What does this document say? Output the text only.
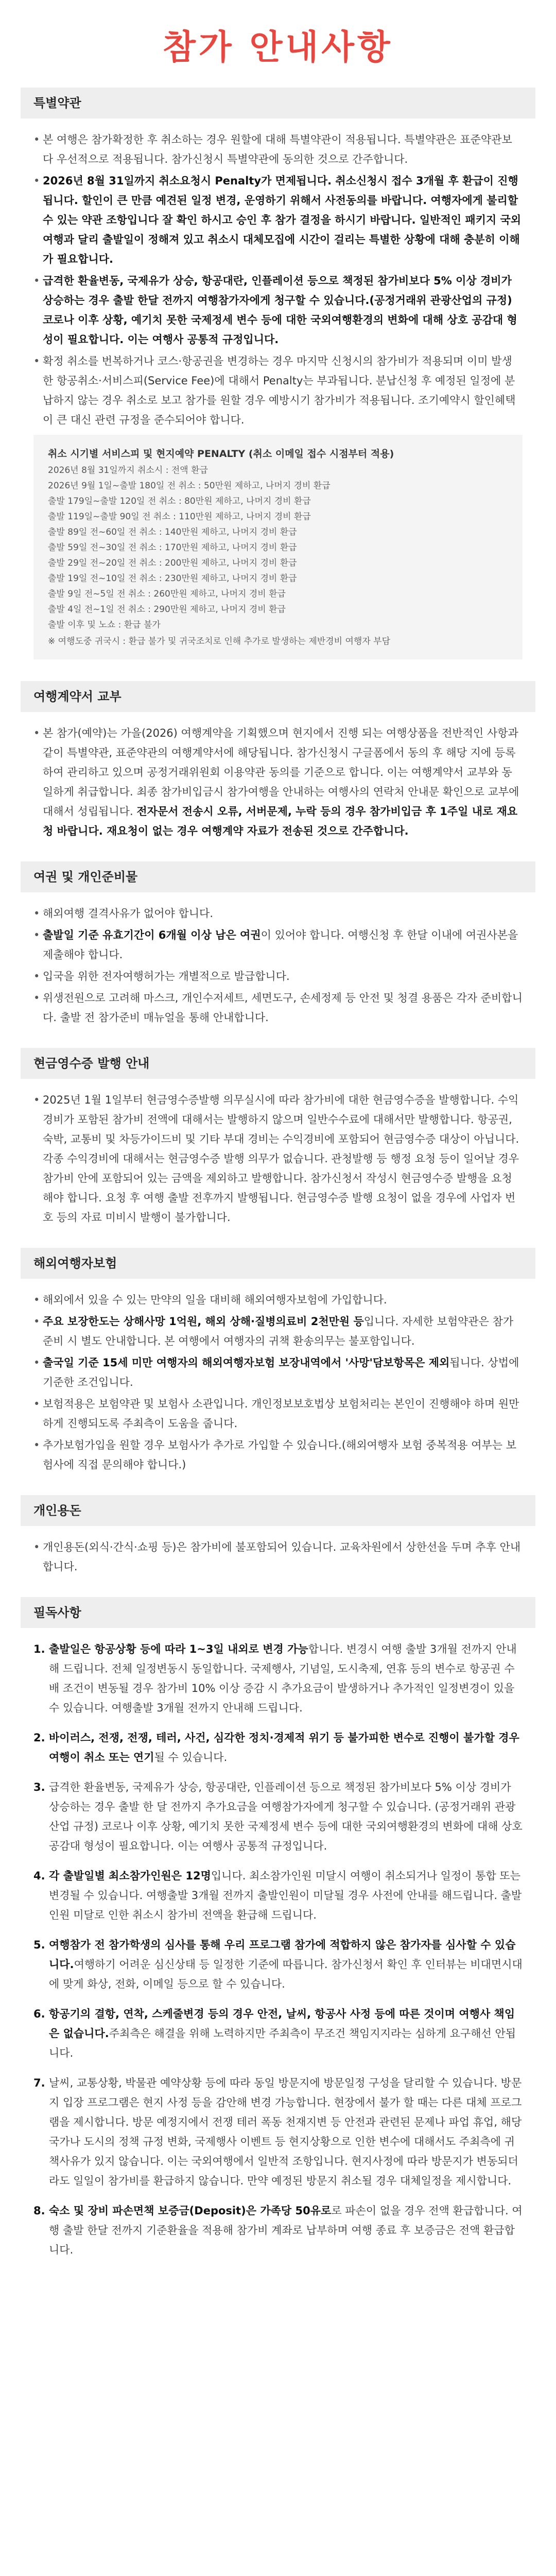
참가 안내사항
특별약관
• 본 여행은 참가확정한 후 취소하는 경우 원할에 대해 특별약관이 적용됩니다. 특별약관은 표준약관보다 우선적으로 적용됩니다. 참가신청시 특별약관에 동의한 것으로 간주합니다.
• 2026년 8월 31일까지 취소요청시 Penalty가 면제됩니다. 취소신청시 접수 3개월 후 환급이 진행됩니다. 할인이 큰 만큼 예견된 일정 변경, 운영하기 위해서 사전동의를 바랍니다. 여행자에게 불리할 수 있는 약관 조항입니다 잘 확인 하시고 승인 후 참가 결정을 하시기 바랍니다. 일반적인 패키지 국외여행과 달리 출발일이 정해져 있고 취소시 대체모집에 시간이 걸리는 특별한 상황에 대해 충분히 이해가 필요합니다.
• 급격한 환율변동, 국제유가 상승, 항공대란, 인플레이션 등으로 책정된 참가비보다 5% 이상 경비가 상승하는 경우 출발 한달 전까지 여행참가자에게 청구할 수 있습니다.(공정거래위 관광산업의 규정) 코로나 이후 상황, 예기치 못한 국제정세 변수 등에 대한 국외여행환경의 변화에 대해 상호 공감대 형성이 필요합니다. 이는 여행사 공통적 규정입니다.
• 확정 취소를 번복하거나 코스·항공권을 변경하는 경우 마지막 신청시의 참가비가 적용되며 이미 발생한 항공취소·서비스피(Service Fee)에 대해서 Penalty는 부과됩니다. 분납신청 후 예정된 일정에 분납하지 않는 경우 취소로 보고 참가를 원할 경우 예방시기 참가비가 적용됩니다. 조기예약시 할인혜택이 큰 대신 관련 규정을 준수되어야 합니다.
취소 시기별 서비스피 및 현지예약 PENALTY (취소 이메일 접수 시점부터 적용)
2026년 8월 31일까지 취소시 : 전액 환급
2026년 9월 1일~출발 180일 전 취소 : 50만원 제하고, 나머지 경비 환급
출발 179일~출발 120일 전 취소 : 80만원 제하고, 나머지 경비 환급
출발 119일~출발 90일 전 취소 : 110만원 제하고, 나머지 경비 환급
출발 89일 전~60일 전 취소 : 140만원 제하고, 나머지 경비 환급
출발 59일 전~30일 전 취소 : 170만원 제하고, 나머지 경비 환급
출발 29일 전~20일 전 취소 : 200만원 제하고, 나머지 경비 환급
출발 19일 전~10일 전 취소 : 230만원 제하고, 나머지 경비 환급
출발 9일 전~5일 전 취소 : 260만원 제하고, 나머지 경비 환급
출발 4일 전~1일 전 취소 : 290만원 제하고, 나머지 경비 환급
출발 이후 및 노쇼 : 환급 불가
※ 여행도중 귀국시 : 환급 불가 및 귀국조치로 인해 추가로 발생하는 제반경비 여행자 부담
여행계약서 교부
• 본 참가(예약)는 가을(2026) 여행계약을 기획했으며 현지에서 진행 되는 여행상품을 전반적인 사항과 같이 특별약관, 표준약관의 여행계약서에 해당됩니다. 참가신청시 구글폼에서 동의 후 해당 지에 등록하여 관리하고 있으며 공정거래위원회 이용약관 동의를 기준으로 합니다. 이는 여행계약서 교부와 동일하게 취급합니다. 최종 참가비입금시 참가여행을 안내하는 여행사의 연락처 안내문 확인으로 교부에 대해서 성립됩니다. 전자문서 전송시 오류, 서버문제, 누락 등의 경우 참가비입금 후 1주일 내로 재요청 바랍니다. 재요청이 없는 경우 여행계약 자료가 전송된 것으로 간주합니다.
여권 및 개인준비물
• 해외여행 결격사유가 없어야 합니다.
• 출발일 기준 유효기간이 6개월 이상 남은 여권이 있어야 합니다. 여행신청 후 한달 이내에 여권사본을 제출해야 합니다.
• 입국을 위한 전자여행허가는 개별적으로 발급합니다.
• 위생전원으로 고려해 마스크, 개인수저세트, 세면도구, 손세정제 등 안전 및 청결 용품은 각자 준비합니다. 출발 전 참가준비 매뉴얼을 통해 안내합니다.
현금영수증 발행 안내
• 2025년 1월 1일부터 현금영수증발행 의무실시에 따라 참가비에 대한 현금영수증을 발행합니다. 수익경비가 포함된 참가비 전액에 대해서는 발행하지 않으며 일반수수료에 대해서만 발행합니다. 항공권, 숙박, 교통비 및 차등가이드비 및 기타 부대 경비는 수익경비에 포함되어 현금영수증 대상이 아닙니다. 각종 수익경비에 대해서는 현금영수증 발행 의무가 없습니다. 관청발행 등 행정 요청 등이 일어날 경우 참가비 안에 포함되어 있는 금액을 제외하고 발행합니다. 참가신청서 작성시 현금영수증 발행을 요청해야 합니다. 요청 후 여행 출발 전후까지 발행됩니다. 현금영수증 발행 요청이 없을 경우에 사업자 번호 등의 자료 미비시 발행이 불가합니다.
해외여행자보험
• 해외에서 있을 수 있는 만약의 일을 대비해 해외여행자보험에 가입합니다.
• 주요 보장한도는 상해사망 1억원, 해외 상해·질병의료비 2천만원 등입니다. 자세한 보험약관은 참가준비 시 별도 안내합니다. 본 여행에서 여행자의 귀책 환송의무는 불포함입니다.
• 출국일 기준 15세 미만 여행자의 해외여행자보험 보장내역에서 '사망'담보항목은 제외됩니다. 상법에 기준한 조건입니다.
• 보험적용은 보험약관 및 보험사 소관입니다. 개인정보보호법상 보험처리는 본인이 진행해야 하며 원만하게 진행되도록 주최측이 도움을 줍니다.
• 추가보험가입을 원할 경우 보험사가 추가로 가입할 수 있습니다.(해외여행자 보험 중복적용 여부는 보험사에 직접 문의해야 합니다.)
개인용돈
• 개인용돈(외식·간식·쇼핑 등)은 참가비에 불포함되어 있습니다. 교육차원에서 상한선을 두며 추후 안내합니다.
필독사항
1. 출발일은 항공상황 등에 따라 1~3일 내외로 변경 가능합니다. 변경시 여행 출발 3개월 전까지 안내해 드립니다. 전체 일정변동시 동일합니다. 국제행사, 기념일, 도시축제, 연휴 등의 변수로 항공권 수배 조건이 변동될 경우 참가비 10% 이상 증감 시 추가요금이 발생하거나 추가적인 일정변경이 있을 수 있습니다. 여행출발 3개월 전까지 안내해 드립니다.
2. 바이러스, 전쟁, 전쟁, 테러, 사건, 심각한 정치·경제적 위기 등 불가피한 변수로 진행이 불가할 경우 여행이 취소 또는 연기될 수 있습니다.
3. 급격한 환율변동, 국제유가 상승, 항공대란, 인플레이션 등으로 책정된 참가비보다 5% 이상 경비가 상승하는 경우 출발 한 달 전까지 추가요금을 여행참가자에게 청구할 수 있습니다. (공정거래위 관광산업 규정) 코로나 이후 상황, 예기치 못한 국제정세 변수 등에 대한 국외여행환경의 변화에 대해 상호 공감대 형성이 필요합니다. 이는 여행사 공통적 규정입니다.
4. 각 출발일별 최소참가인원은 12명입니다. 최소참가인원 미달시 여행이 취소되거나 일정이 통합 또는 변경될 수 있습니다. 여행출발 3개월 전까지 출발인원이 미달될 경우 사전에 안내를 해드립니다. 출발인원 미달로 인한 취소시 참가비 전액을 환급해 드립니다.
5. 여행참가 전 참가학생의 심사를 통해 우리 프로그램 참가에 적합하지 않은 참가자를 심사할 수 있습니다.여행하기 어려운 심신상태 등 일정한 기준에 따릅니다. 참가신청서 확인 후 인터뷰는 비대면시대에 맞게 화상, 전화, 이메일 등으로 할 수 있습니다.
6. 항공기의 결항, 연착, 스케줄변경 등의 경우 안전, 날씨, 항공사 사정 등에 따른 것이며 여행사 책임은 없습니다.주최측은 해결을 위해 노력하지만 주최측이 무조건 책임지지라는 심하게 요구해선 안됩니다.
7. 날씨, 교통상황, 박물관 예약상황 등에 따라 동일 방문지에 방문일정 구성을 달리할 수 있습니다. 방문지 입장 프로그램은 현지 사정 등을 감안해 변경 가능합니다. 현장에서 불가 할 때는 다른 대체 프로그램을 제시합니다. 방문 예정지에서 전쟁 테러 폭동 천재지변 등 안전과 관련된 문제나 파업 휴업, 해당국가나 도시의 정책 규정 변화, 국제행사 이벤트 등 현지상황으로 인한 변수에 대해서도 주최측에 귀책사유가 있지 않습니다. 이는 국외여행에서 일반적 조항입니다. 현지사정에 따라 방문지가 변동되더라도 일일이 참가비를 환급하지 않습니다. 만약 예정된 방문지 취소될 경우 대체일정을 제시합니다.
8. 숙소 및 장비 파손면책 보증금(Deposit)은 가족당 50유로로 파손이 없을 경우 전액 환급합니다. 여행 출발 한달 전까지 기준환율을 적용해 참가비 계좌로 납부하며 여행 종료 후 보증금은 전액 환급합니다.
